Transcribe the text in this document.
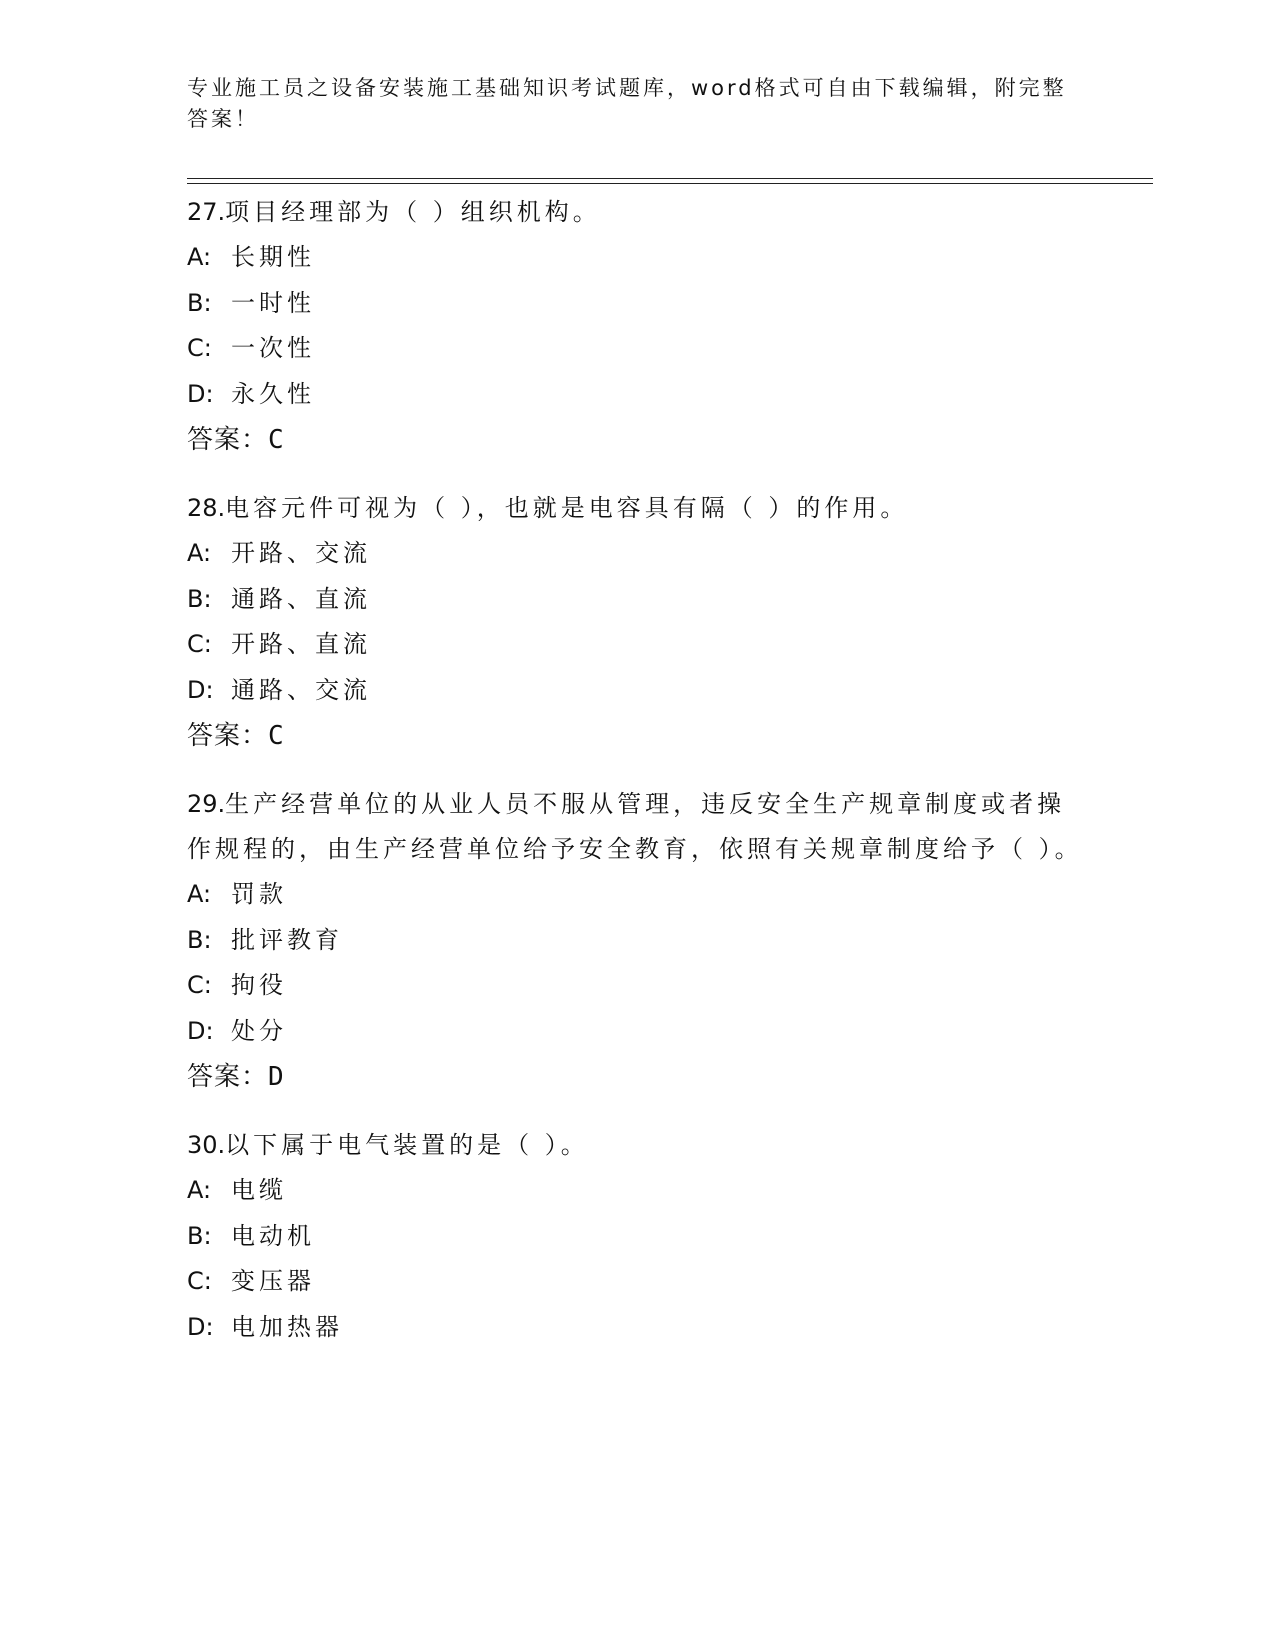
专业施工员之设备安装施工基础知识考试题库，word格式可自由下载编辑，附完整答案！
27.项目经理部为（ ）组织机构。
A: 长期性
B: 一时性
C: 一次性
D: 永久性
答案：C
28.电容元件可视为（ ），也就是电容具有隔（ ）的作用。
A: 开路、交流
B: 通路、直流
C: 开路、直流
D: 通路、交流
答案：C
29.生产经营单位的从业人员不服从管理，违反安全生产规章制度或者操作规程的，由生产经营单位给予安全教育，依照有关规章制度给予（ ）。
A: 罚款
B: 批评教育
C: 拘役
D: 处分
答案：D
30.以下属于电气装置的是（ ）。
A: 电缆
B: 电动机
C: 变压器
D: 电加热器
